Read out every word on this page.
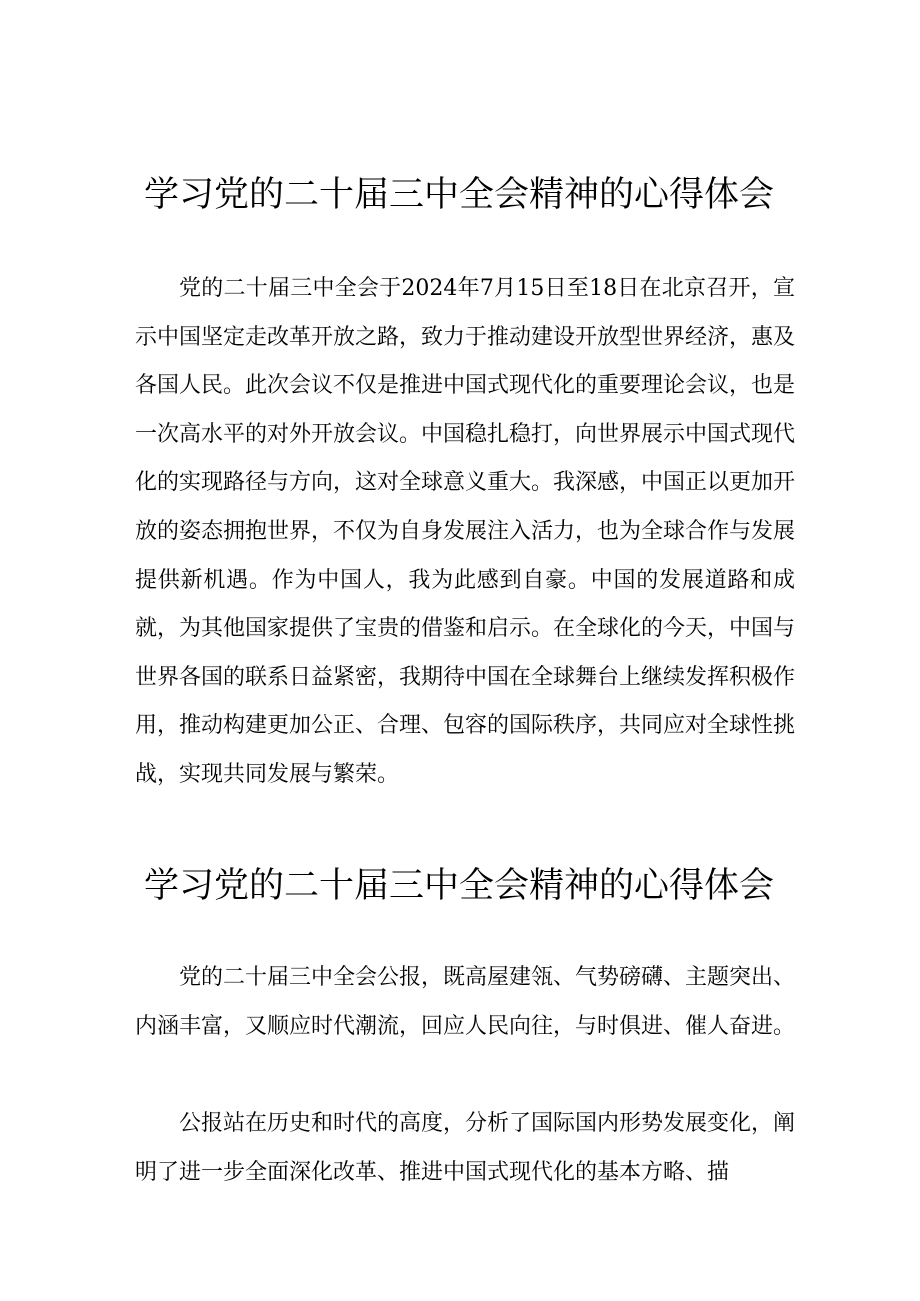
学习党的二十届三中全会精神的心得体会

党的二十届三中全会于2024年7月15日至18日在北京召开，宣示中国坚定走改革开放之路，致力于推动建设开放型世界经济，惠及各国人民。此次会议不仅是推进中国式现代化的重要理论会议，也是一次高水平的对外开放会议。中国稳扎稳打，向世界展示中国式现代化的实现路径与方向，这对全球意义重大。我深感，中国正以更加开放的姿态拥抱世界，不仅为自身发展注入活力，也为全球合作与发展提供新机遇。作为中国人，我为此感到自豪。中国的发展道路和成就，为其他国家提供了宝贵的借鉴和启示。在全球化的今天，中国与世界各国的联系日益紧密，我期待中国在全球舞台上继续发挥积极作用，推动构建更加公正、合理、包容的国际秩序，共同应对全球性挑战，实现共同发展与繁荣。

学习党的二十届三中全会精神的心得体会

党的二十届三中全会公报，既高屋建瓴、气势磅礴、主题突出、内涵丰富，又顺应时代潮流，回应人民向往，与时俱进、催人奋进。

公报站在历史和时代的高度，分析了国际国内形势发展变化，阐明了进一步全面深化改革、推进中国式现代化的基本方略、描
